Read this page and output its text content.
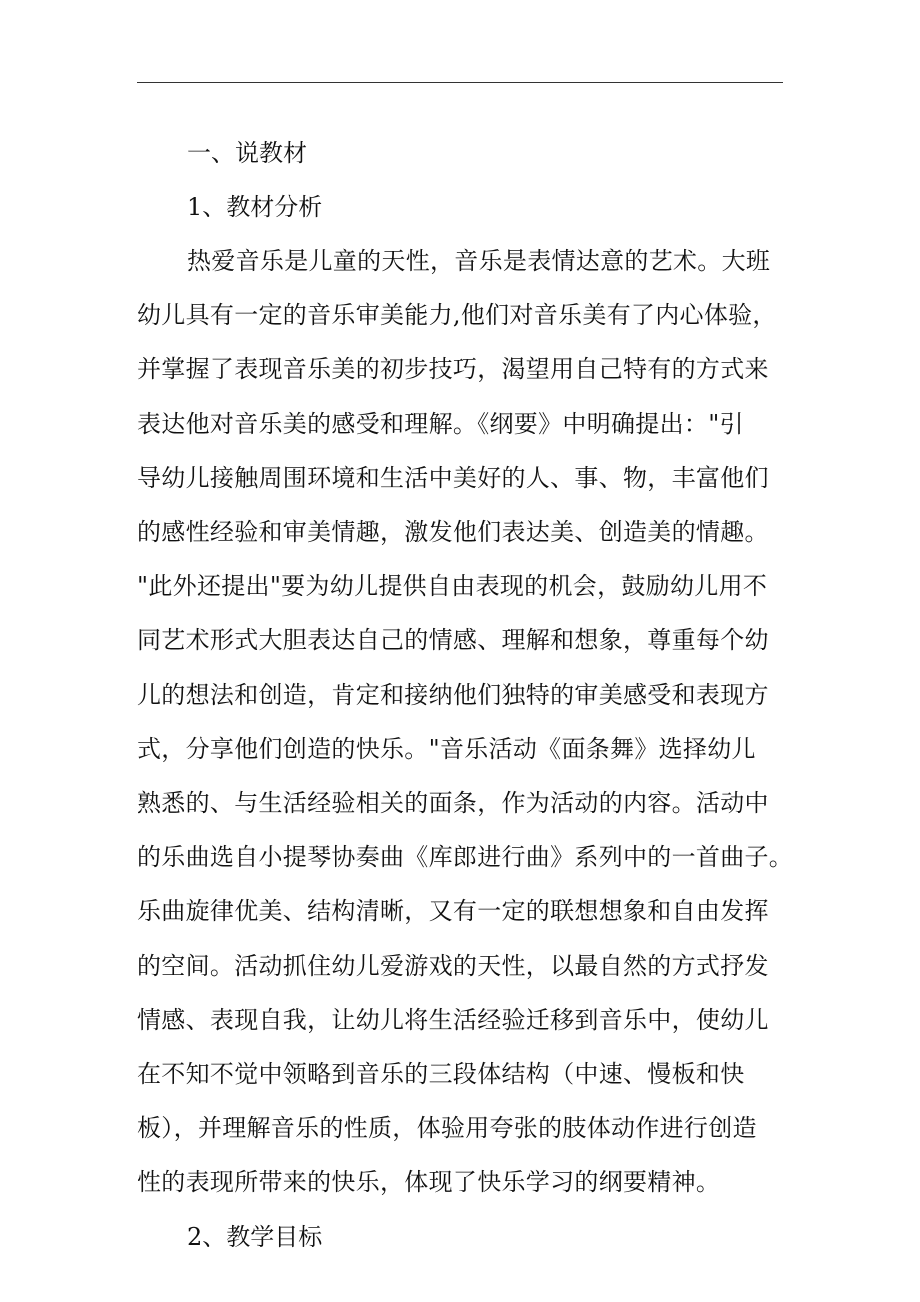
一、说教材

1、教材分析

热爱音乐是儿童的天性，音乐是表情达意的艺术。大班

幼儿具有一定的音乐审美能力,他们对音乐美有了内心体验，

并掌握了表现音乐美的初步技巧，渴望用自己特有的方式来

表达他对音乐美的感受和理解。《纲要》中明确提出："引

导幼儿接触周围环境和生活中美好的人、事、物，丰富他们

的感性经验和审美情趣，激发他们表达美、创造美的情趣。

"此外还提出"要为幼儿提供自由表现的机会，鼓励幼儿用不

同艺术形式大胆表达自己的情感、理解和想象，尊重每个幼

儿的想法和创造，肯定和接纳他们独特的审美感受和表现方

式，分享他们创造的快乐。"音乐活动《面条舞》选择幼儿

熟悉的、与生活经验相关的面条，作为活动的内容。活动中

的乐曲选自小提琴协奏曲《库郎进行曲》系列中的一首曲子。

乐曲旋律优美、结构清晰，又有一定的联想想象和自由发挥

的空间。活动抓住幼儿爱游戏的天性，以最自然的方式抒发

情感、表现自我，让幼儿将生活经验迁移到音乐中，使幼儿

在不知不觉中领略到音乐的三段体结构（中速、慢板和快

板），并理解音乐的性质，体验用夸张的肢体动作进行创造

性的表现所带来的快乐，体现了快乐学习的纲要精神。

2、教学目标
